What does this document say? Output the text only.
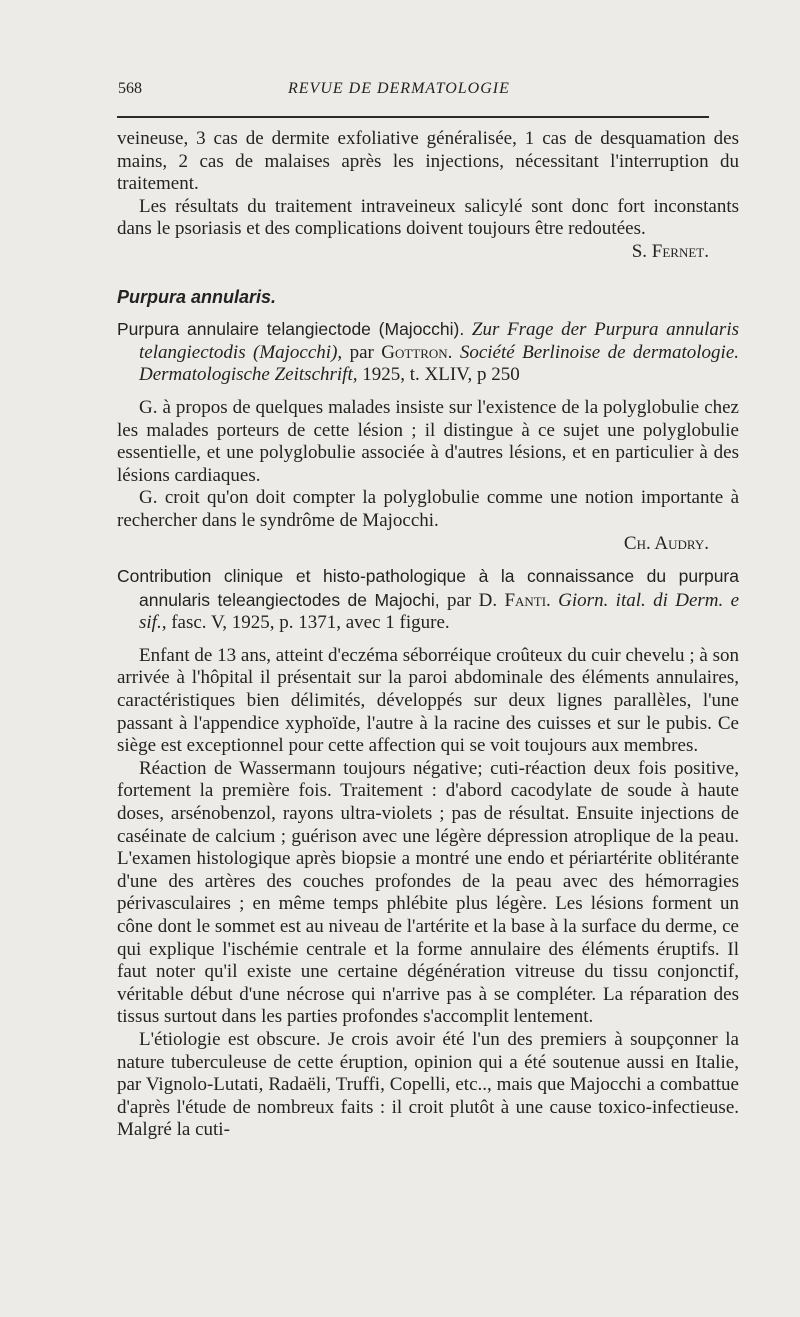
568	REVUE DE DERMATOLOGIE

veineuse, 3 cas de dermite exfoliative généralisée, 1 cas de desquamation des mains, 2 cas de malaises après les injections, nécessitant l'interruption du traitement.

Les résultats du traitement intraveineux salicylé sont donc fort inconstants dans le psoriasis et des complications doivent toujours être redoutées.

S. Fernet.

Purpura annularis.

Purpura annulaire telangiectode (Majocchi). Zur Frage der Purpura annularis telangiectodis (Majocchi), par Gottron. Société Berlinoise de dermatologie. Dermatologische Zeitschrift, 1925, t. XLIV, p 250

G. à propos de quelques malades insiste sur l'existence de la polyglobulie chez les malades porteurs de cette lésion ; il distingue à ce sujet une polyglobulie essentielle, et une polyglobulie associée à d'autres lésions, et en particulier à des lésions cardiaques.

G. croit qu'on doit compter la polyglobulie comme une notion importante à rechercher dans le syndrôme de Majocchi.

Ch. Audry.

Contribution clinique et histo-pathologique à la connaissance du purpura annularis teleangiectodes de Majochi, par D. Fanti. Giorn. ital. di Derm. e sif., fasc. V, 1925, p. 1371, avec 1 figure.

Enfant de 13 ans, atteint d'eczéma séborréique croûteux du cuir chevelu ; à son arrivée à l'hôpital il présentait sur la paroi abdominale des éléments annulaires, caractéristiques bien délimités, développés sur deux lignes parallèles, l'une passant à l'appendice xyphoïde, l'autre à la racine des cuisses et sur le pubis. Ce siège est exceptionnel pour cette affection qui se voit toujours aux membres.

Réaction de Wassermann toujours négative; cuti-réaction deux fois positive, fortement la première fois. Traitement : d'abord cacodylate de soude à haute doses, arsénobenzol, rayons ultra-violets ; pas de résultat. Ensuite injections de caséinate de calcium ; guérison avec une légère dépression atroplique de la peau. L'examen histologique après biopsie a montré une endo et périartérite oblitérante d'une des artères des couches profondes de la peau avec des hémorragies périvasculaires ; en même temps phlébite plus légère. Les lésions forment un cône dont le sommet est au niveau de l'artérite et la base à la surface du derme, ce qui explique l'ischémie centrale et la forme annulaire des éléments éruptifs. Il faut noter qu'il existe une certaine dégénération vitreuse du tissu conjonctif, véritable début d'une nécrose qui n'arrive pas à se compléter. La réparation des tissus surtout dans les parties profondes s'accomplit lentement.

L'étiologie est obscure. Je crois avoir été l'un des premiers à soupçonner la nature tuberculeuse de cette éruption, opinion qui a été soutenue aussi en Italie, par Vignolo-Lutati, Radaëli, Truffi, Copelli, etc.., mais que Majocchi a combattue d'après l'étude de nombreux faits : il croit plutôt à une cause toxico-infectieuse. Malgré la cuti-
